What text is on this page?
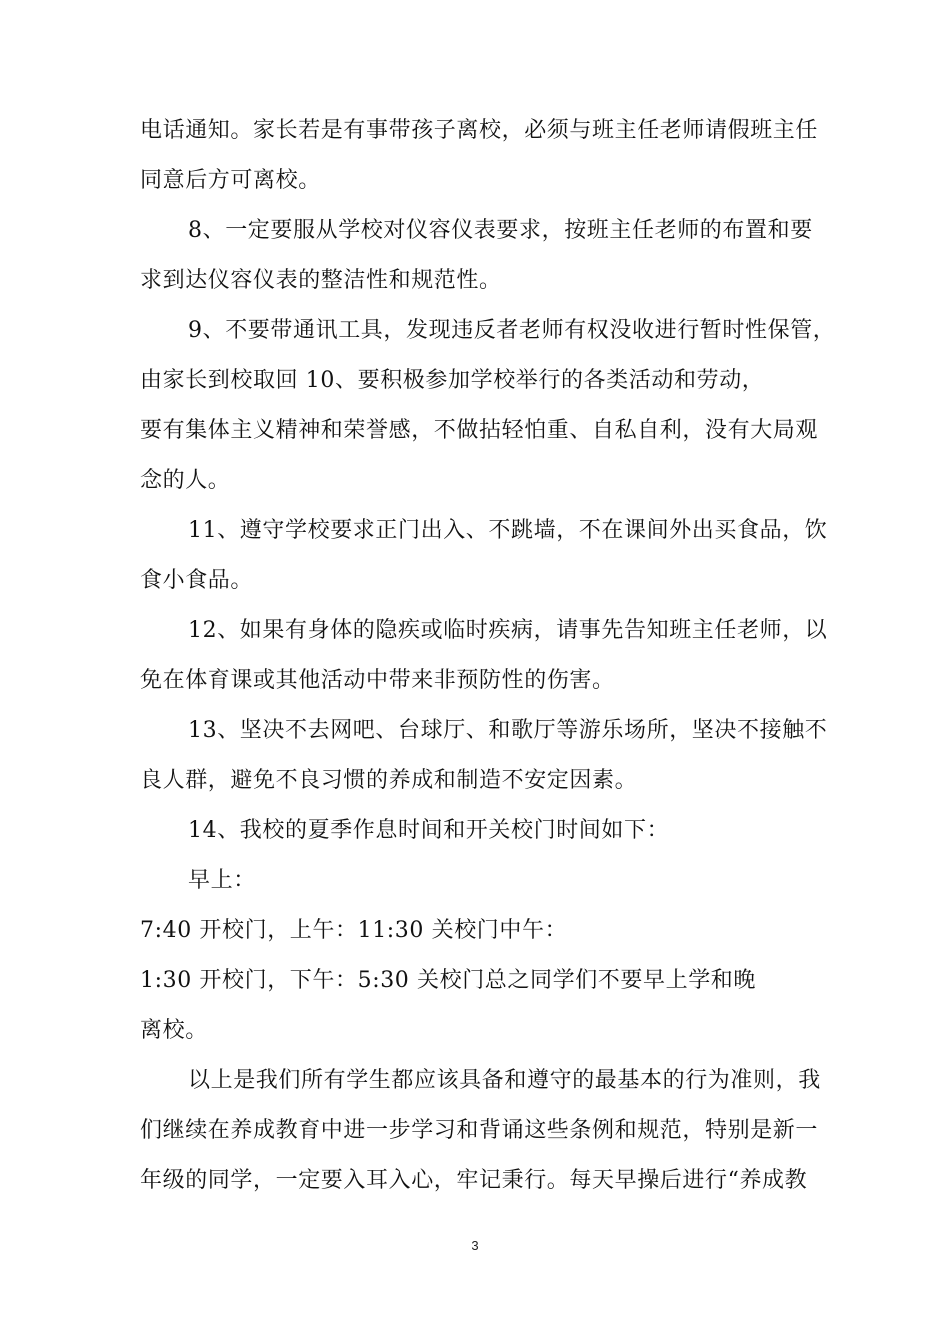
电话通知。家长若是有事带孩子离校，必须与班主任老师请假班主任
同意后方可离校。
8、一定要服从学校对仪容仪表要求，按班主任老师的布置和要
求到达仪容仪表的整洁性和规范性。
9、不要带通讯工具，发现违反者老师有权没收进行暂时性保管，
由家长到校取回 10、要积极参加学校举行的各类活动和劳动，
要有集体主义精神和荣誉感，不做拈轻怕重、自私自利，没有大局观
念的人。
11、遵守学校要求正门出入、不跳墙，不在课间外出买食品，饮
食小食品。
12、如果有身体的隐疾或临时疾病，请事先告知班主任老师，以
免在体育课或其他活动中带来非预防性的伤害。
13、坚决不去网吧、台球厅、和歌厅等游乐场所，坚决不接触不
良人群，避免不良习惯的养成和制造不安定因素。
14、我校的夏季作息时间和开关校门时间如下：
早上：
7:40 开校门，上午：11:30 关校门中午：
1:30 开校门，下午：5:30 关校门总之同学们不要早上学和晚
离校。
以上是我们所有学生都应该具备和遵守的最基本的行为准则，我
们继续在养成教育中进一步学习和背诵这些条例和规范，特别是新一
年级的同学，一定要入耳入心，牢记秉行。每天早操后进行“养成教
3
